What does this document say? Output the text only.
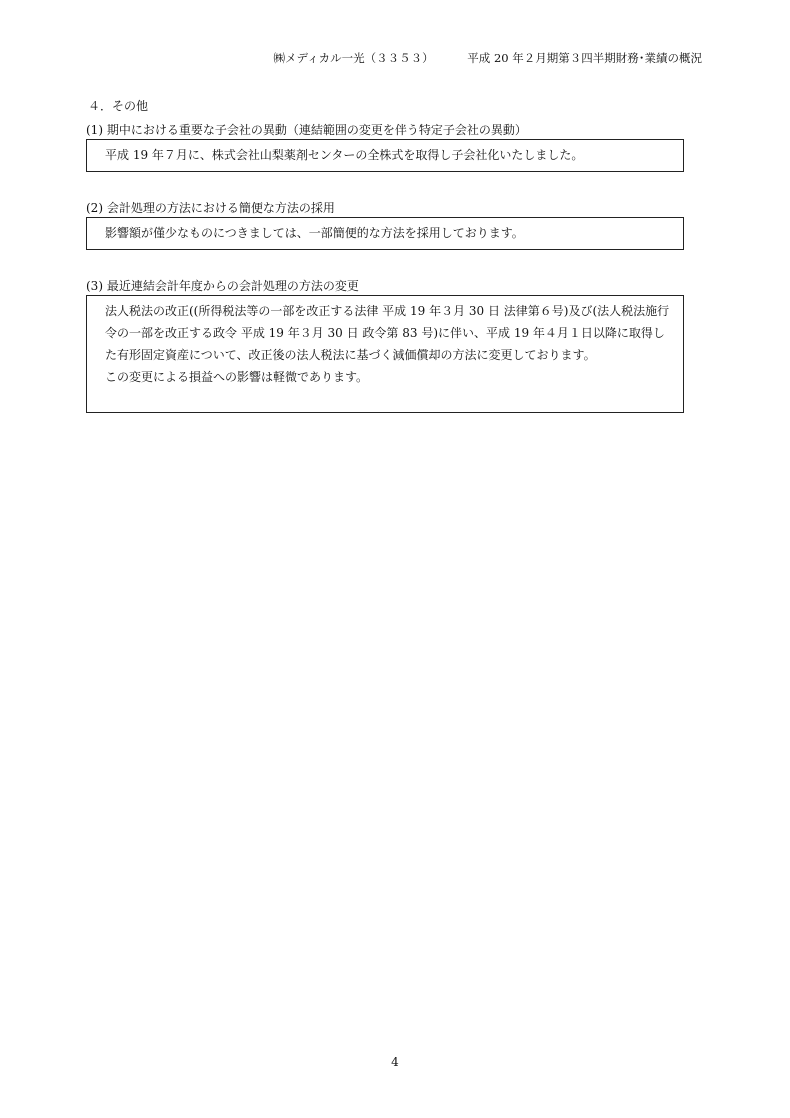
㈱メディカル一光（３３５３）	平成 20 年２月期第３四半期財務･業績の概況
４．その他
(1) 期中における重要な子会社の異動（連結範囲の変更を伴う特定子会社の異動）

平成 19 年７月に、株式会社山梨薬剤センターの全株式を取得し子会社化いたしました。

(2) 会計処理の方法における簡便な方法の採用

影響額が僅少なものにつきましては、一部簡便的な方法を採用しております。

(3) 最近連結会計年度からの会計処理の方法の変更

法人税法の改正((所得税法等の一部を改正する法律 平成 19 年３月 30 日 法律第６号)及び(法人税法施行令の一部を改正する政令 平成 19 年３月 30 日 政令第 83 号)に伴い、平成 19 年４月１日以降に取得した有形固定資産について、改正後の法人税法に基づく減価償却の方法に変更しております。

この変更による損益への影響は軽微であります。

4
